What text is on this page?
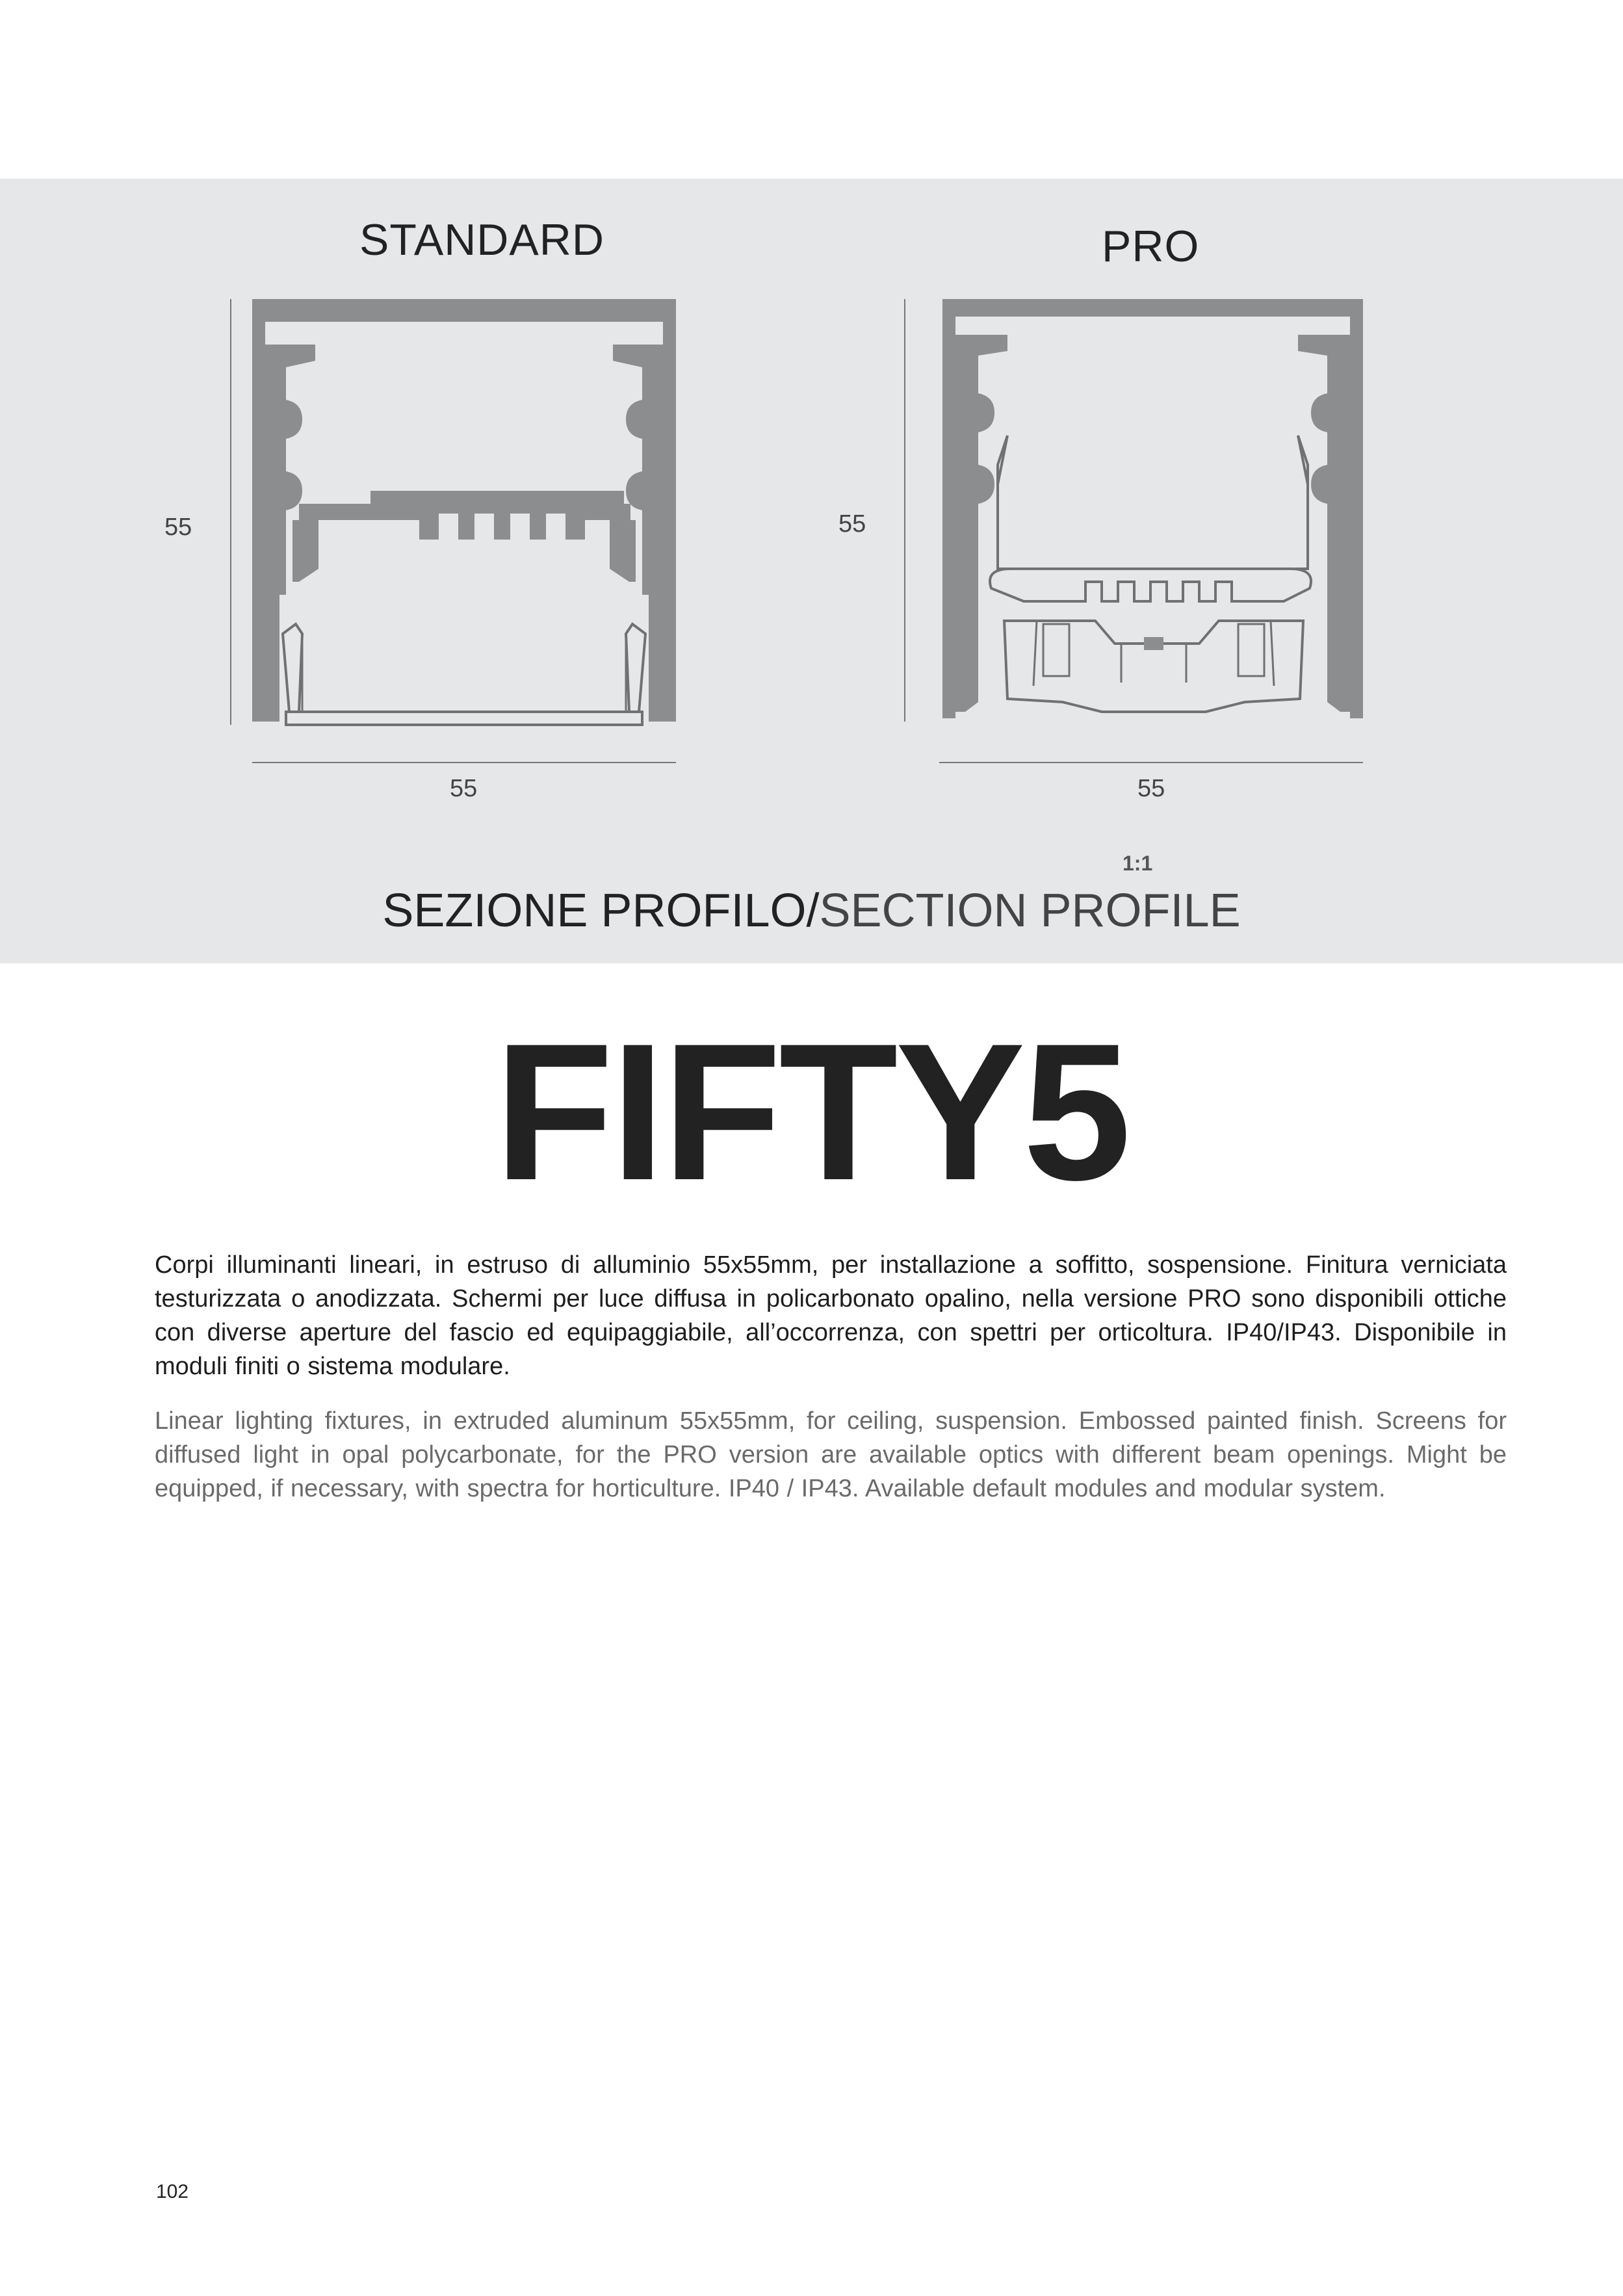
STANDARD
55
55
PRO
55
55
1:1
SEZIONE PROFILO/SECTION PROFILE
FIFTY5

Corpi illuminanti lineari, in estruso di alluminio 55x55mm, per installazione a soffitto, sospensione. Finitura verniciata testurizzata o anodizzata. Schermi per luce diffusa in policarbonato opalino, nella versione PRO sono disponibili ottiche con diverse aperture del fascio ed equipaggiabile, all’occorrenza, con spettri per orticoltura. IP40/IP43. Disponibile in moduli finiti o sistema modulare.

Linear lighting fixtures, in extruded aluminum 55x55mm, for ceiling, suspension. Embossed painted finish. Screens for diffused light in opal polycarbonate, for the PRO version are available optics with different beam openings. Might be equipped, if necessary, with spectra for horticulture. IP40 / IP43. Available default modules and modular system.

102
